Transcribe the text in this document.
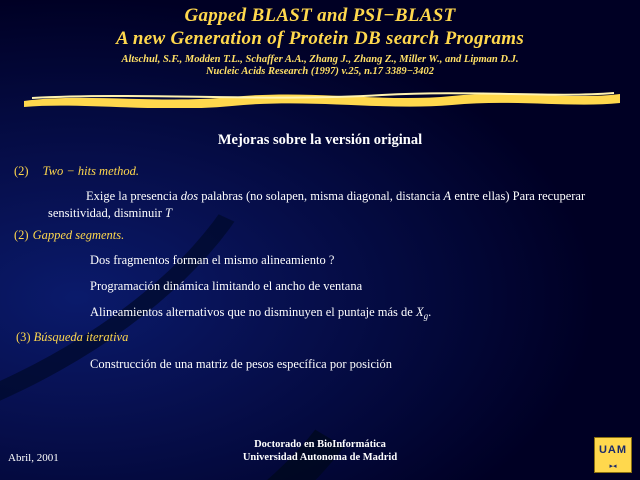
Gapped BLAST and PSI−BLAST
A new Generation of Protein DB search Programs
Altschul, S.F., Modden T.L., Schaffer A.A., Zhang J., Zhang Z., Miller W., and Lipman D.J.
Nucleic Acids Research (1997) v.25, n.17 3389−3402
Mejoras sobre la versión original
(2) Two − hits method.
Exige la presencia dos palabras (no solapen, misma diagonal, distancia A entre ellas) Para recuperar sensitividad, disminuir T
(2) Gapped segments.
Dos fragmentos forman el mismo alineamiento ?
Programación dinámica limitando el ancho de ventana
Alineamientos alternativos que no disminuyen el puntaje más de $X_g$.
(3) Búsqueda iterativa
Construcción de una matriz de pesos específica por posición
Abril, 2001
Doctorado en BioInformática
Universidad Autonoma de Madrid
UAM
▸◂
